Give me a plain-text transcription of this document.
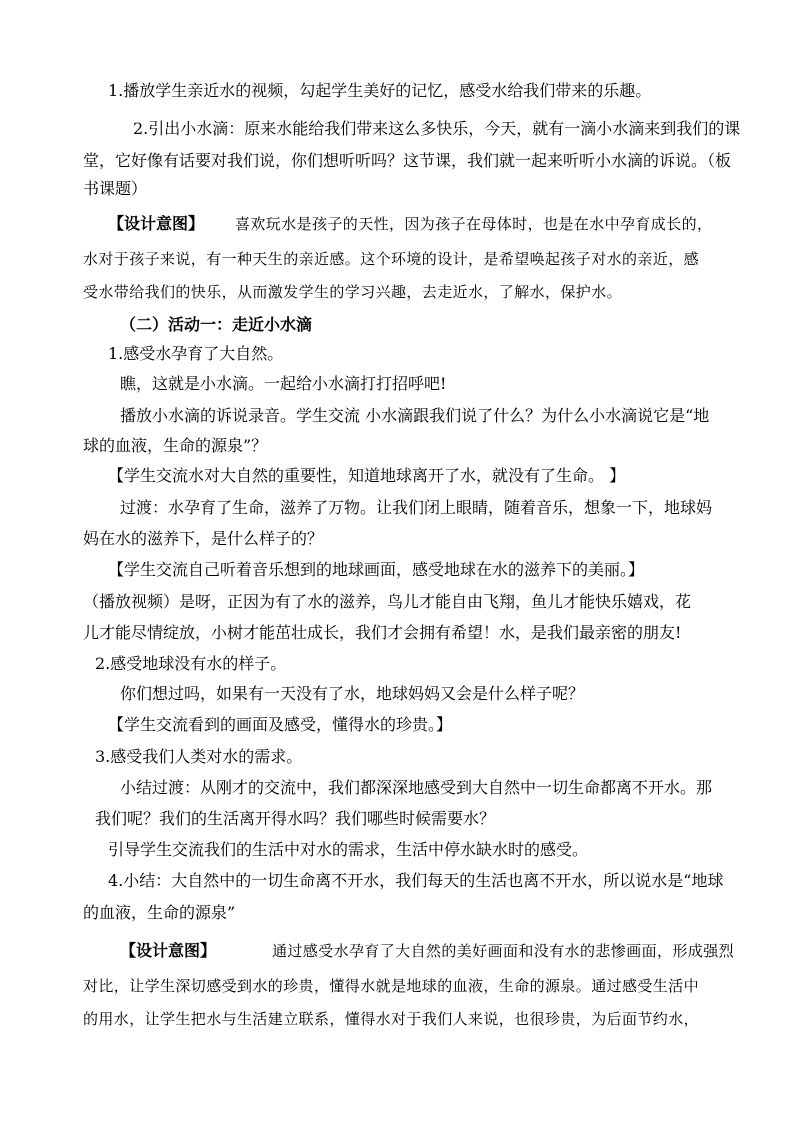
1.播放学生亲近水的视频，勾起学生美好的记忆，感受水给我们带来的乐趣。
2.引出小水滴：原来水能给我们带来这么多快乐，今天，就有一滴小水滴来到我们的课
堂，它好像有话要对我们说，你们想听听吗？这节课，我们就一起来听听小水滴的诉说。（板
书课题）
【设计意图】 喜欢玩水是孩子的天性，因为孩子在母体时，也是在水中孕育成长的，
水对于孩子来说，有一种天生的亲近感。这个环境的设计，是希望唤起孩子对水的亲近，感
受水带给我们的快乐，从而激发学生的学习兴趣，去走近水，了解水，保护水。
（二）活动一：走近小水滴
1.感受水孕育了大自然。
瞧，这就是小水滴。一起给小水滴打打招呼吧!
播放小水滴的诉说录音。学生交流 小水滴跟我们说了什么？为什么小水滴说它是“地
球的血液，生命的源泉”？
【学生交流水对大自然的重要性，知道地球离开了水，就没有了生命。 】
过渡：水孕育了生命，滋养了万物。让我们闭上眼睛，随着音乐，想象一下，地球妈
妈在水的滋养下，是什么样子的？
【学生交流自己听着音乐想到的地球画面，感受地球在水的滋养下的美丽。】
（播放视频）是呀，正因为有了水的滋养，鸟儿才能自由飞翔，鱼儿才能快乐嬉戏，花
儿才能尽情绽放，小树才能茁壮成长，我们才会拥有希望！水，是我们最亲密的朋友!
2.感受地球没有水的样子。
你们想过吗，如果有一天没有了水，地球妈妈又会是什么样子呢？
【学生交流看到的画面及感受，懂得水的珍贵。】
3.感受我们人类对水的需求。
小结过渡：从刚才的交流中，我们都深深地感受到大自然中一切生命都离不开水。那
我们呢？我们的生活离开得水吗？我们哪些时候需要水？
引导学生交流我们的生活中对水的需求，生活中停水缺水时的感受。
4.小结：大自然中的一切生命离不开水，我们每天的生活也离不开水，所以说水是“地球
的血液，生命的源泉”
【设计意图】	通过感受水孕育了大自然的美好画面和没有水的悲惨画面，形成强烈
对比，让学生深切感受到水的珍贵，懂得水就是地球的血液，生命的源泉。通过感受生活中
的用水，让学生把水与生活建立联系，懂得水对于我们人来说，也很珍贵，为后面节约水，
